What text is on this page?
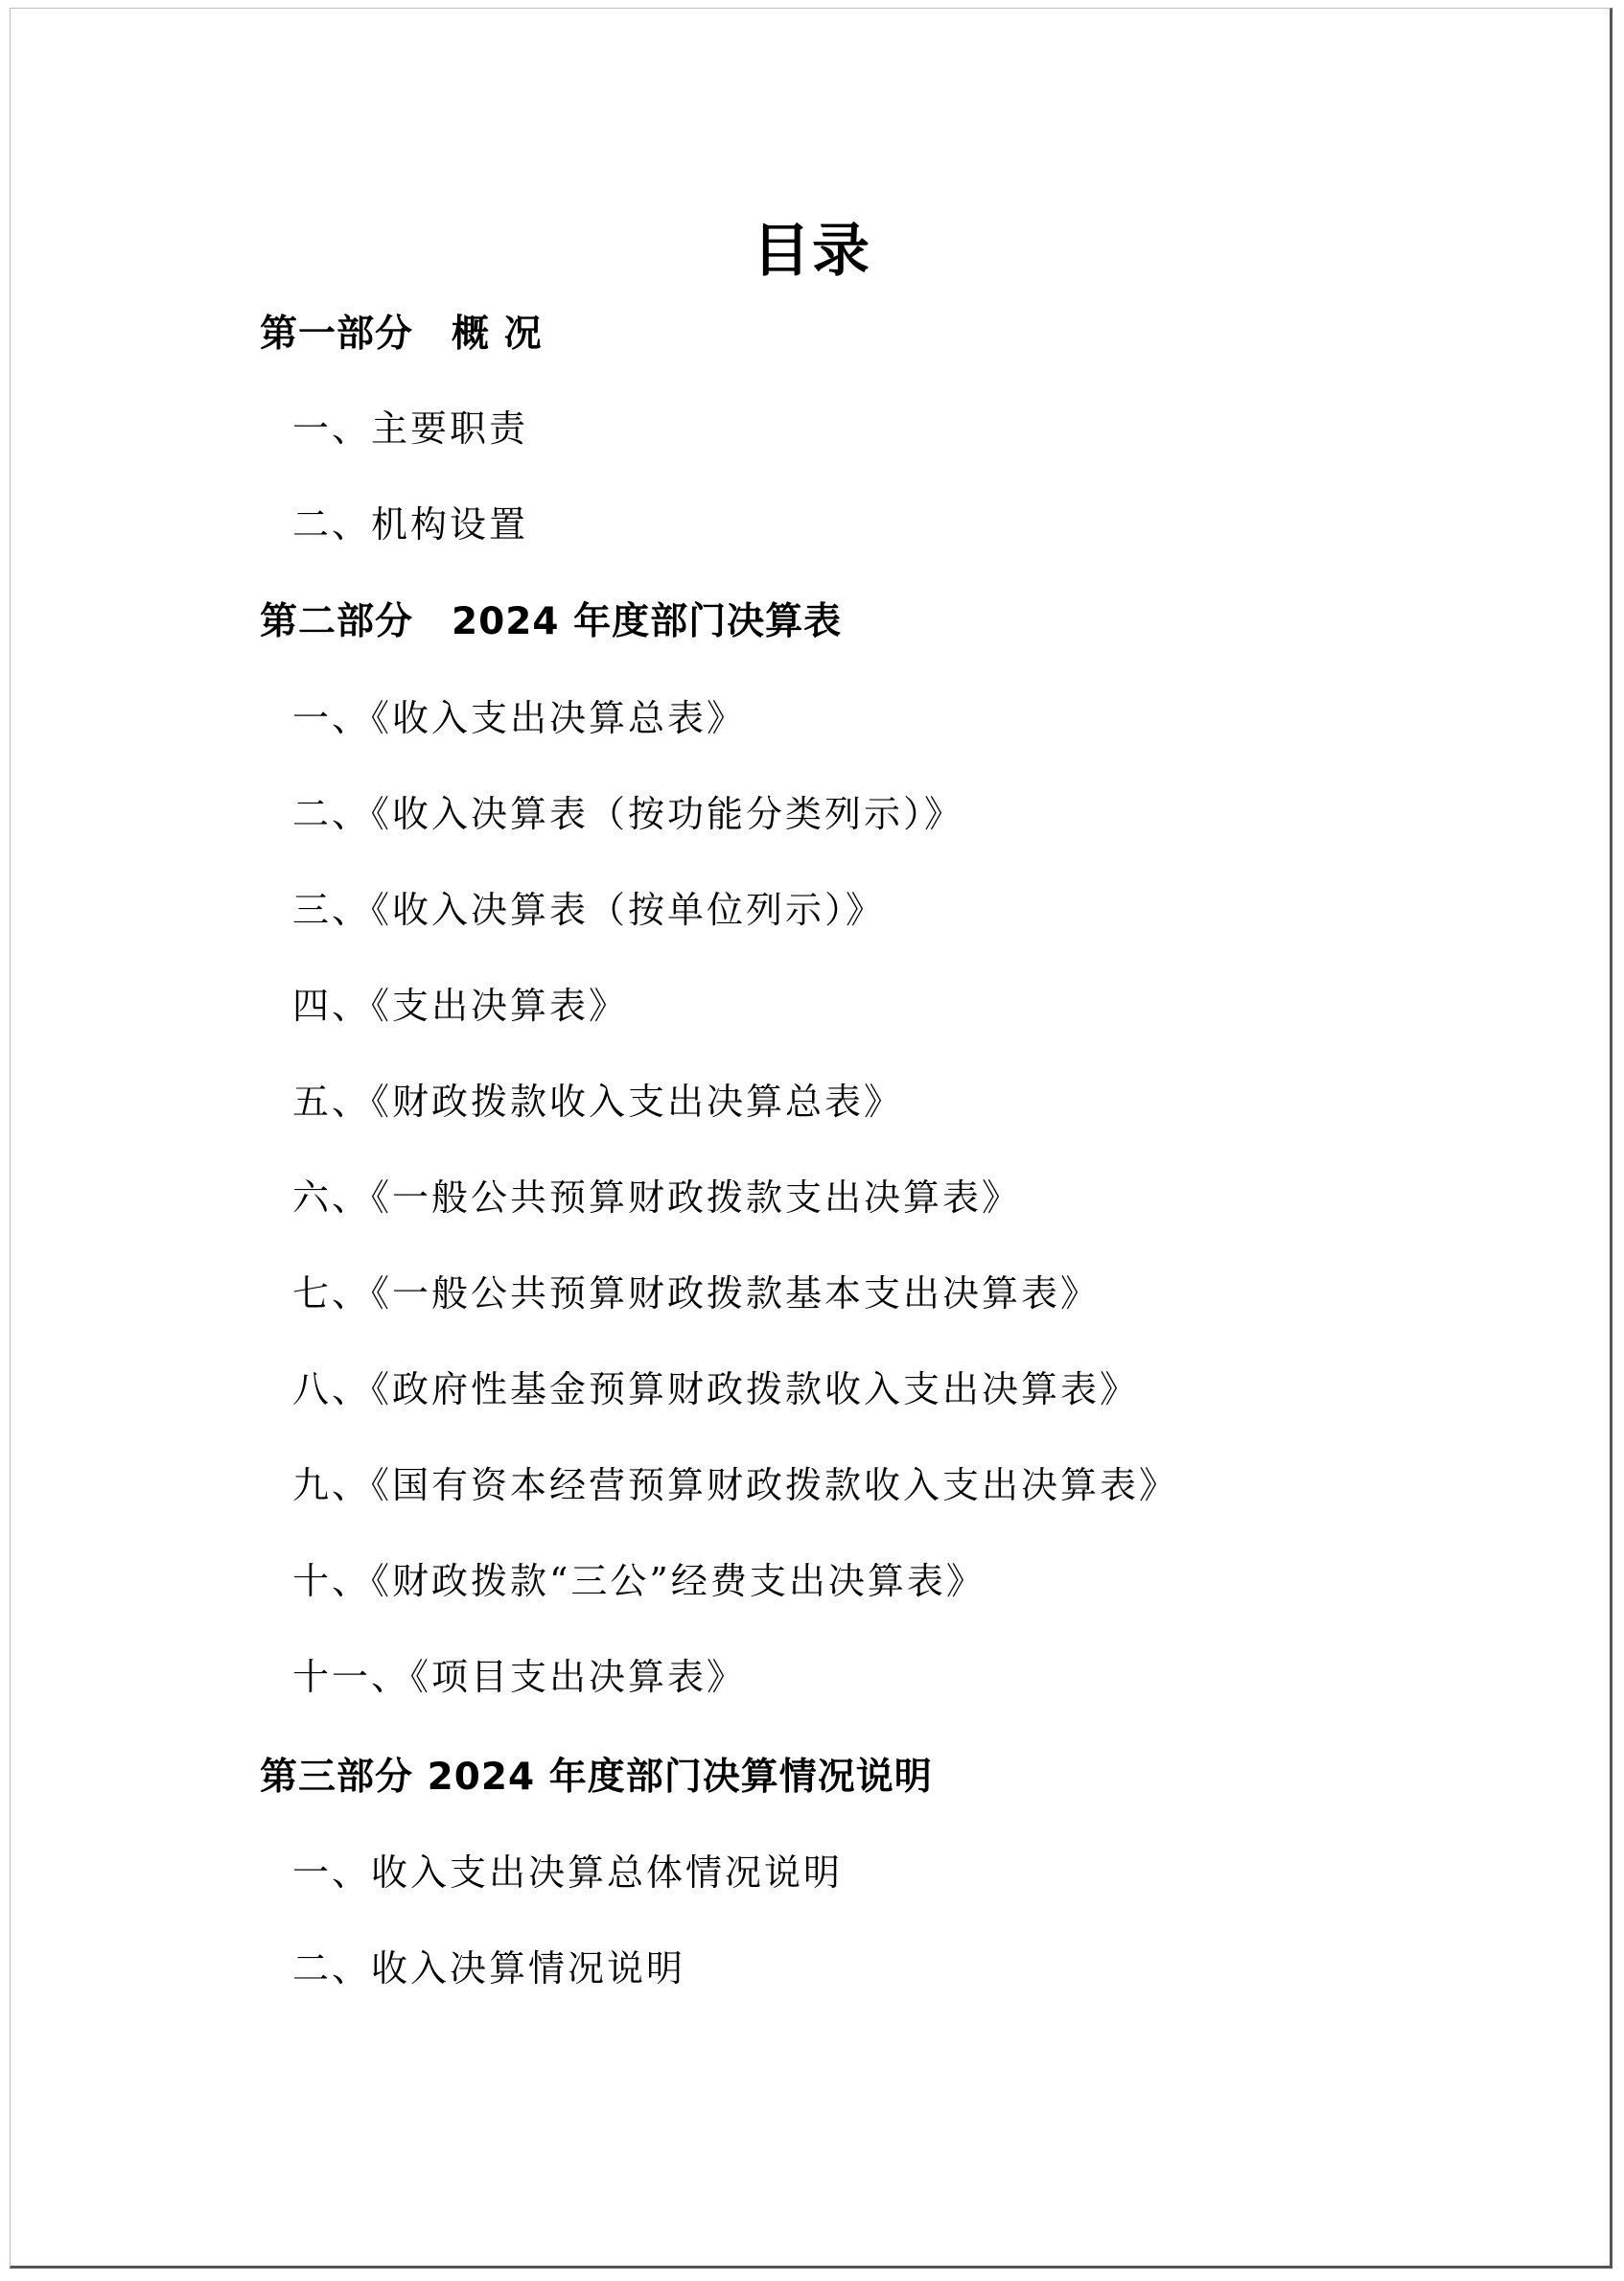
目录
第一部分　概 况
一、主要职责
二、机构设置
第二部分　2024 年度部门决算表
一、《收入支出决算总表》
二、《收入决算表（按功能分类列示）》
三、《收入决算表（按单位列示）》
四、《支出决算表》
五、《财政拨款收入支出决算总表》
六、《一般公共预算财政拨款支出决算表》
七、《一般公共预算财政拨款基本支出决算表》
八、《政府性基金预算财政拨款收入支出决算表》
九、《国有资本经营预算财政拨款收入支出决算表》
十、《财政拨款“三公”经费支出决算表》
十一、《项目支出决算表》
第三部分 2024 年度部门决算情况说明
一、收入支出决算总体情况说明
二、收入决算情况说明
